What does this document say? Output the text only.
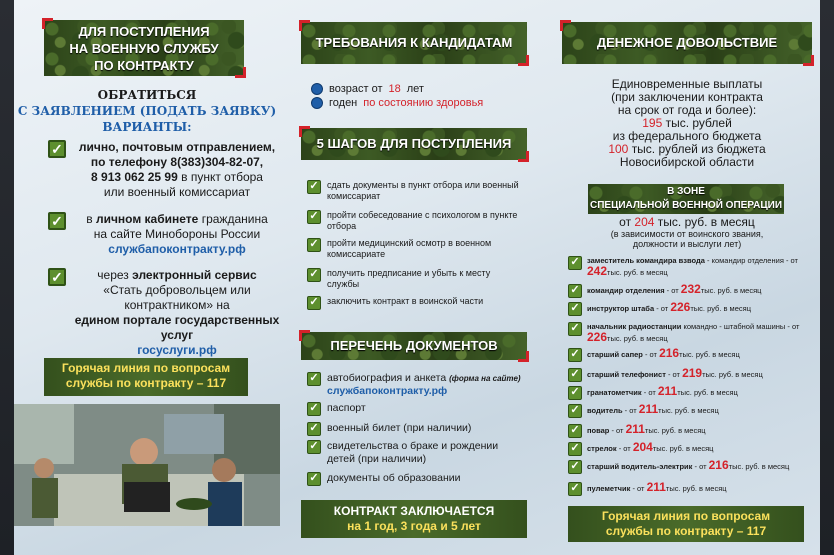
ДЛЯ ПОСТУПЛЕНИЯ
НА ВОЕННУЮ СЛУЖБУ
ПО КОНТРАКТУ
ОБРАТИТЬСЯ
С ЗАЯВЛЕНИЕМ (ПОДАТЬ ЗАЯВКУ)
ВАРИАНТЫ:
✓	лично, почтовым отправлением,
по телефону 8(383)304-82-07,
8 913 062 25 99 в пункт отбора
или военный комиссариат
✓	в личном кабинете гражданина
на сайте Минобороны России
службапоконтракту.рф
✓	через электронный сервис
«Стать добровольцем или контрактником» на
едином портале государственных услуг
госуслуги.рф
Горячая линия по вопросам
службы по контракту – 117
ТРЕБОВАНИЯ К КАНДИДАТАМ
возраст от 18 лет
годен по состоянию здоровья
5 ШАГОВ ДЛЯ ПОСТУПЛЕНИЯ
✓ сдать документы в пункт отбора или военный комиссариат
✓ пройти собеседование с психологом в пункте отбора
✓ пройти медицинский осмотр в военном комиссариате
✓ получить предписание и убыть к месту службы
✓ заключить контракт в воинской части
ПЕРЕЧЕНЬ ДОКУМЕНТОВ
✓ автобиография и анкета (форма на сайте)
службапоконтракту.рф
✓ паспорт
✓ военный билет (при наличии)
✓ свидетельства о браке и рождении детей (при наличии)
✓ документы об образовании
КОНТРАКТ ЗАКЛЮЧАЕТСЯ
на 1 год, 3 года и 5 лет
ДЕНЕЖНОЕ ДОВОЛЬСТВИЕ
Единовременные выплаты
(при заключении контракта
на срок от года и более):
195 тыс. рублей
из федерального бюджета
100 тыс. рублей из бюджета
Новосибирской области
В ЗОНЕ
СПЕЦИАЛЬНОЙ ВОЕННОЙ ОПЕРАЦИИ
от 204 тыс. руб. в месяц
(в зависимости от воинского звания,
должности и выслуги лет)
✓ заместитель командира взвода - командир отделения - от 242тыс. руб. в месяц
✓ командир отделения - от 232тыс. руб. в месяц
✓ инструктор штаба - от 226тыс. руб. в месяц
✓ начальник радиостанции командно - штабной машины - от 226тыс. руб. в месяц
✓ старший сапер - от 216тыс. руб. в месяц
✓ старший телефонист - от 219тыс. руб. в месяц
✓ гранатометчик - от 211тыс. руб. в месяц
✓ водитель - от 211тыс. руб. в месяц
✓ повар - от 211тыс. руб. в месяц
✓ стрелок - от 204тыс. руб. в месяц
✓ старший водитель-электрик - от 216тыс. руб. в месяц
✓ пулеметчик - от 211тыс. руб. в месяц
Горячая линия по вопросам
службы по контракту – 117
